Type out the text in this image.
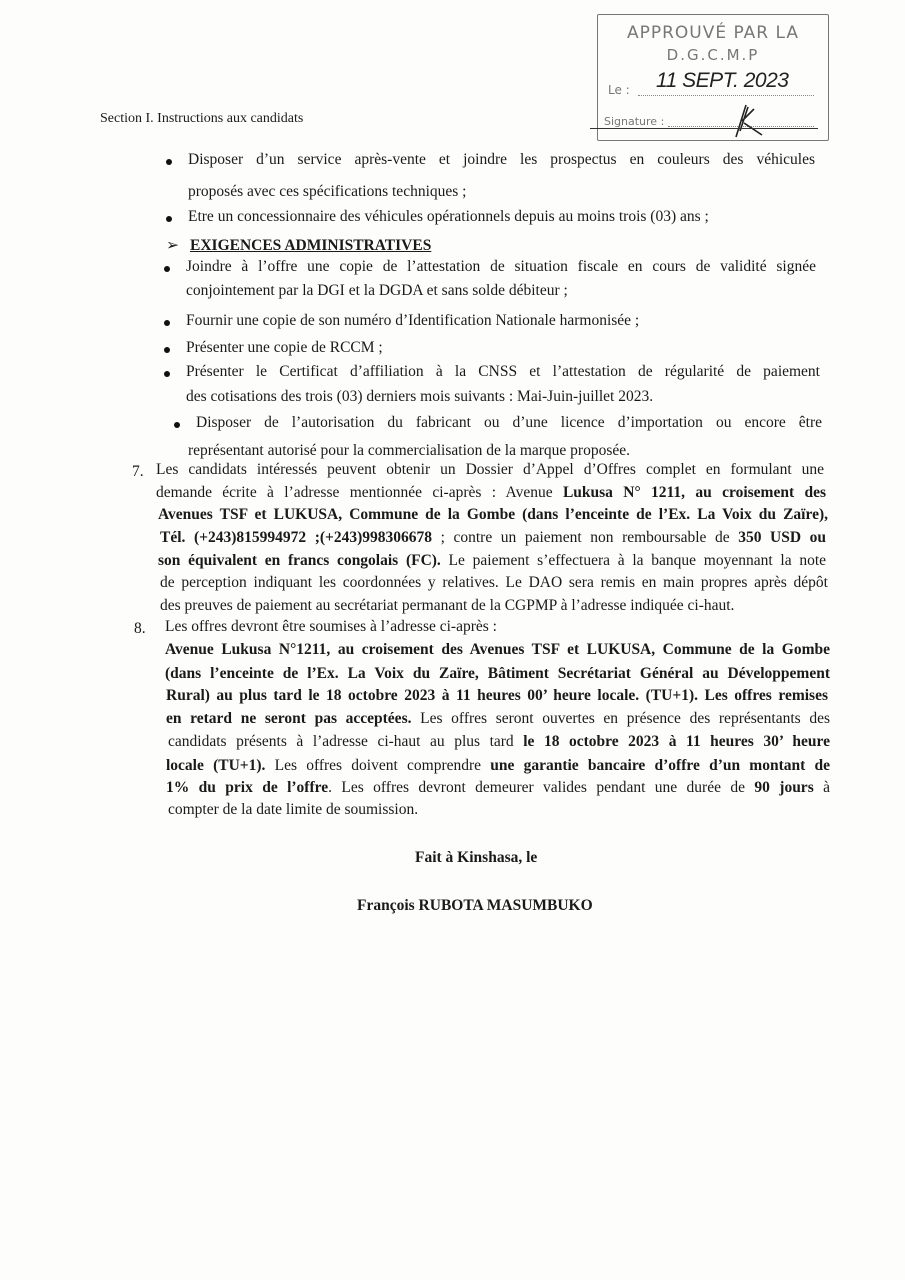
APPROUVÉ PAR LA
D.G.C.M.P
Le : 11 SEPT. 2023
Signature :
Section I. Instructions aux candidats
Disposer d’un service après-vente et joindre les prospectus en couleurs des véhicules
proposés avec ces spécifications techniques ;
Etre un concessionnaire des véhicules opérationnels depuis au moins trois (03) ans ;
EXIGENCES ADMINISTRATIVES
➢
Joindre à l’offre une copie de l’attestation de situation fiscale en cours de validité signée
conjointement par la DGI et la DGDA et sans solde débiteur ;
Fournir une copie de son numéro d’Identification Nationale harmonisée ;
Présenter une copie de RCCM ;
Présenter le Certificat d’affiliation à la CNSS et l’attestation de régularité de paiement
des cotisations des trois (03) derniers mois suivants : Mai-Juin-juillet 2023.
Disposer de l’autorisation du fabricant ou d’une licence d’importation ou encore être
représentant autorisé pour la commercialisation de la marque proposée.
Les candidats intéressés peuvent obtenir un Dossier d’Appel d’Offres complet en formulant une
demande écrite à l’adresse mentionnée ci-après : Avenue Lukusa N° 1211, au croisement des
Avenues TSF et LUKUSA, Commune de la Gombe (dans l’enceinte de l’Ex. La Voix du Zaïre),
Tél. (+243)815994972 ;(+243)998306678 ; contre un paiement non remboursable de 350 USD ou
son équivalent en francs congolais (FC). Le paiement s’effectuera à la banque moyennant la note
de perception indiquant les coordonnées y relatives. Le DAO sera remis en main propres après dépôt
des preuves de paiement au secrétariat permanant de la CGPMP à l’adresse indiquée ci-haut.
Les offres devront être soumises à l’adresse ci-après :
Avenue Lukusa N°1211, au croisement des Avenues TSF et LUKUSA, Commune de la Gombe
(dans l’enceinte de l’Ex. La Voix du Zaïre, Bâtiment Secrétariat Général au Développement
Rural) au plus tard le 18 octobre 2023 à 11 heures 00’ heure locale. (TU+1). Les offres remises
en retard ne seront pas acceptées. Les offres seront ouvertes en présence des représentants des
candidats présents à l’adresse ci-haut au plus tard le 18 octobre 2023 à 11 heures 30’ heure
locale (TU+1). Les offres doivent comprendre une garantie bancaire d’offre d’un montant de
1% du prix de l’offre. Les offres devront demeurer valides pendant une durée de 90 jours à
compter de la date limite de soumission.
Fait à Kinshasa, le
François RUBOTA MASUMBUKO
7.
8.
